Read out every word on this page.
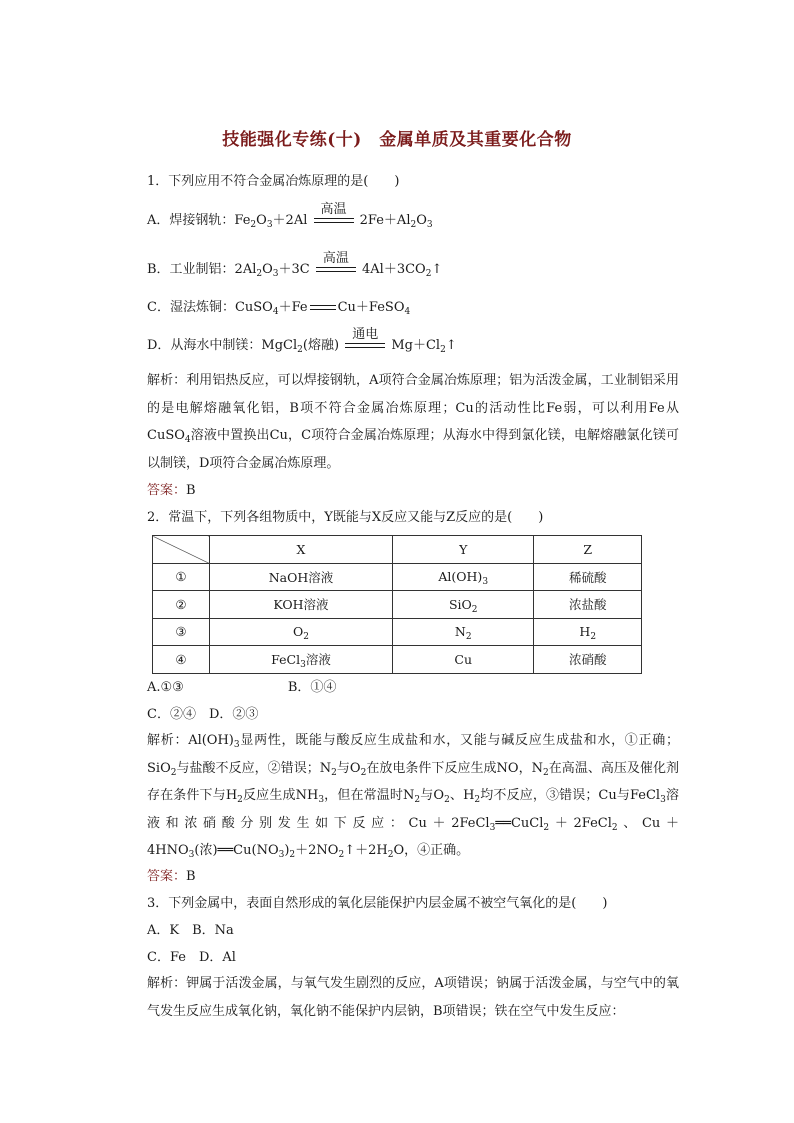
技能强化专练(十)　金属单质及其重要化合物
1．下列应用不符合金属冶炼原理的是(　　)
A．焊接钢轨：$Fe_2O_3+2Al$
高温
$2Fe+Al_2O_3$
B．工业制铝：$2Al_2O_3+3C$
高温
$4Al+3CO_2↑$
C．湿法炼铜：CuSO$_4$＋Fe Cu＋FeSO$_4$
D．从海水中制镁：MgCl$_2$(熔融)
通电
$Mg+Cl_2↑$
解析：利用铝热反应，可以焊接钢轨，A项符合金属冶炼原理；铝为活泼金属，工业制铝采用的是电解熔融氧化铝，B项不符合金属冶炼原理；Cu的活动性比Fe弱，可以利用Fe从CuSO$_4$溶液中置换出Cu，C项符合金属冶炼原理；从海水中得到氯化镁，电解熔融氯化镁可以制镁，D项符合金属冶炼原理。
答案：B
2．常温下，下列各组物质中，Y既能与X反应又能与Z反应的是(　　)
	X	Y	Z
①	NaOH溶液	$Al(OH)_3$	稀硫酸
②	KOH溶液	SiO$_2$	浓盐酸
③	$O_2$	$N_2$	$H_2$
④	FeCl$_3$溶液	Cu	浓硝酸
A.①③	B．①④
C．②④　D．②③
解析：$Al(OH)_3$显两性，既能与酸反应生成盐和水，又能与碱反应生成盐和水，①正确；SiO$_2$与盐酸不反应，②错误；$N_2$与$O_2$在放电条件下反应生成NO，$N_2$在高温、高压及催化剂存在条件下与$H_2$反应生成$NH_3$，但在常温时$N_2$与$O_2$、$H_2$均不反应，③错误；Cu与FeCl$_3$溶液和浓硝酸分别发生如下反应：Cu＋2FeCl$_3$══CuCl$_2$＋2FeCl$_2$、$Cu+4HNO_3$(浓)$══Cu(NO_3)_2+2NO_2↑+2H_2O$，④正确。
答案：B
3．下列金属中，表面自然形成的氧化层能保护内层金属不被空气氧化的是(　　)
A．K　B．Na
C．Fe　D．Al
解析：钾属于活泼金属，与氧气发生剧烈的反应，A项错误；钠属于活泼金属，与空气中的氧气发生反应生成氧化钠，氧化钠不能保护内层钠，B项错误；铁在空气中发生反应：
